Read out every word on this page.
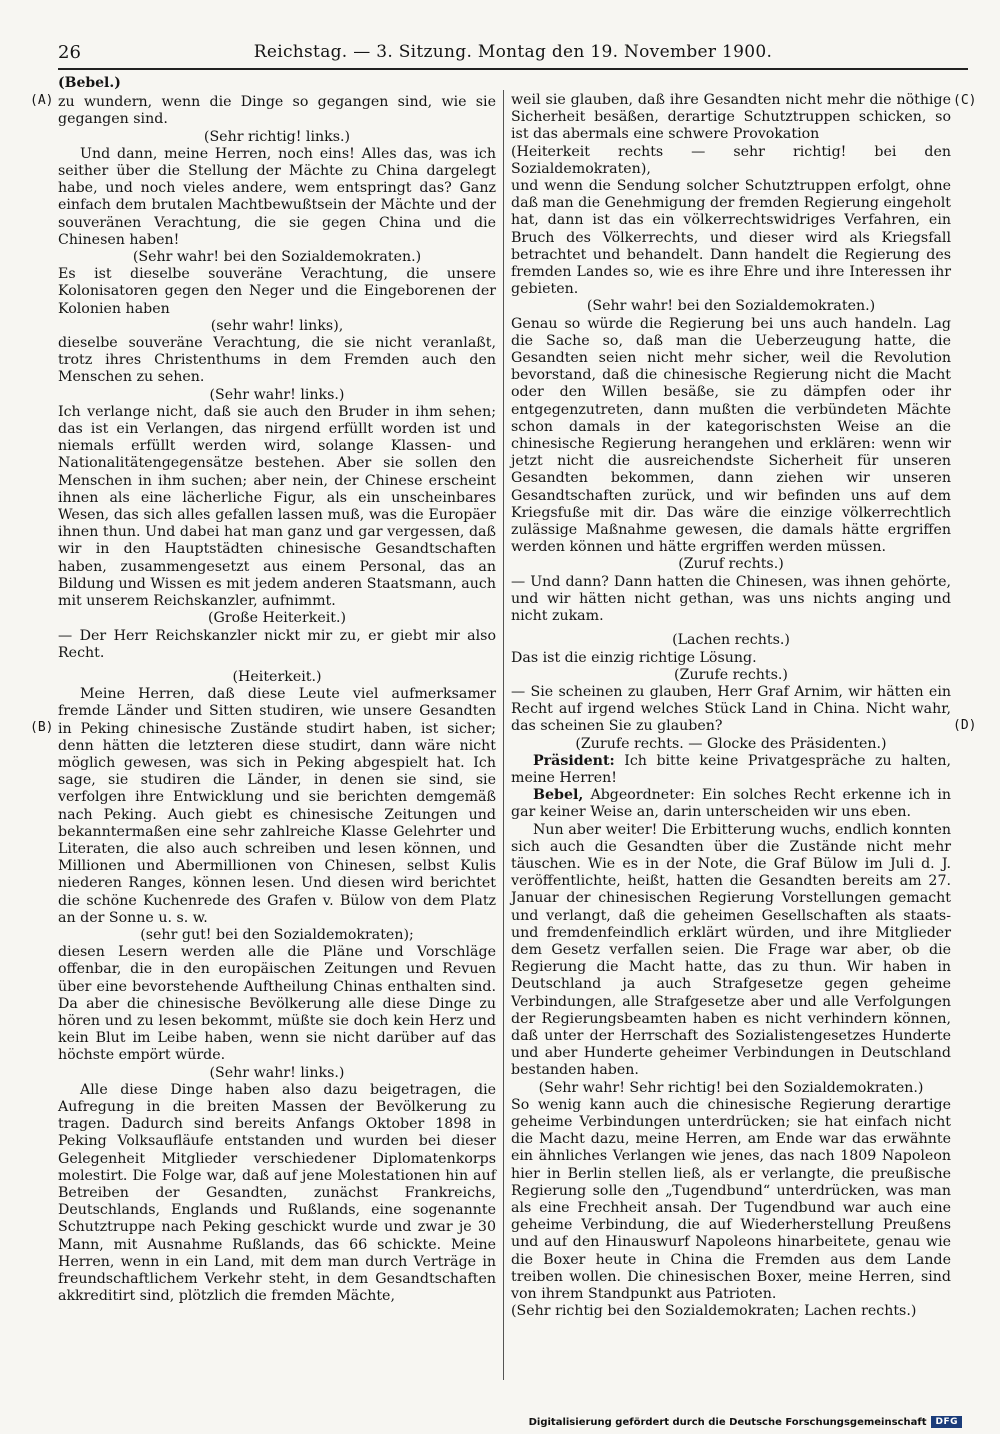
26	Reichstag. — 3. Sitzung. Montag den 19. November 1900.
(A)
(B)
(C)
(D)
(Bebel.)

zu wundern, wenn die Dinge so gegangen sind, wie sie gegangen sind.

(Sehr richtig! links.)

Und dann, meine Herren, noch eins! Alles das, was ich seither über die Stellung der Mächte zu China dargelegt habe, und noch vieles andere, wem entspringt das? Ganz einfach dem brutalen Machtbewußtsein der Mächte und der souveränen Verachtung, die sie gegen China und die Chinesen haben!

(Sehr wahr! bei den Sozialdemokraten.)

Es ist dieselbe souveräne Verachtung, die unsere Kolonisatoren gegen den Neger und die Eingeborenen der Kolonien haben

(sehr wahr! links),

dieselbe souveräne Verachtung, die sie nicht veranlaßt, trotz ihres Christenthums in dem Fremden auch den Menschen zu sehen.

(Sehr wahr! links.)

Ich verlange nicht, daß sie auch den Bruder in ihm sehen; das ist ein Verlangen, das nirgend erfüllt worden ist und niemals erfüllt werden wird, solange Klassen- und Nationalitätengegensätze bestehen. Aber sie sollen den Menschen in ihm suchen; aber nein, der Chinese erscheint ihnen als eine lächerliche Figur, als ein unscheinbares Wesen, das sich alles gefallen lassen muß, was die Europäer ihnen thun. Und dabei hat man ganz und gar vergessen, daß wir in den Hauptstädten chinesische Gesandtschaften haben, zusammengesetzt aus einem Personal, das an Bildung und Wissen es mit jedem anderen Staatsmann, auch mit unserem Reichskanzler, aufnimmt.

(Große Heiterkeit.)

— Der Herr Reichskanzler nickt mir zu, er giebt mir also Recht.

(Heiterkeit.)

Meine Herren, daß diese Leute viel aufmerksamer fremde Länder und Sitten studiren, wie unsere Gesandten in Peking chinesische Zustände studirt haben, ist sicher; denn hätten die letzteren diese studirt, dann wäre nicht möglich gewesen, was sich in Peking abgespielt hat. Ich sage, sie studiren die Länder, in denen sie sind, sie verfolgen ihre Entwicklung und sie berichten demgemäß nach Peking. Auch giebt es chinesische Zeitungen und bekanntermaßen eine sehr zahlreiche Klasse Gelehrter und Literaten, die also auch schreiben und lesen können, und Millionen und Abermillionen von Chinesen, selbst Kulis niederen Ranges, können lesen. Und diesen wird berichtet die schöne Kuchenrede des Grafen v. Bülow von dem Platz an der Sonne u. s. w.

(sehr gut! bei den Sozialdemokraten);

diesen Lesern werden alle die Pläne und Vorschläge offenbar, die in den europäischen Zeitungen und Revuen über eine bevorstehende Auftheilung Chinas enthalten sind. Da aber die chinesische Bevölkerung alle diese Dinge zu hören und zu lesen bekommt, müßte sie doch kein Herz und kein Blut im Leibe haben, wenn sie nicht darüber auf das höchste empört würde.

(Sehr wahr! links.)

Alle diese Dinge haben also dazu beigetragen, die Aufregung in die breiten Massen der Bevölkerung zu tragen. Dadurch sind bereits Anfangs Oktober 1898 in Peking Volksaufläufe entstanden und wurden bei dieser Gelegenheit Mitglieder verschiedener Diplomatenkorps molestirt. Die Folge war, daß auf jene Molestationen hin auf Betreiben der Gesandten, zunächst Frankreichs, Deutschlands, Englands und Rußlands, eine sogenannte Schutztruppe nach Peking geschickt wurde und zwar je 30 Mann, mit Ausnahme Rußlands, das 66 schickte. Meine Herren, wenn in ein Land, mit dem man durch Verträge in freundschaftlichem Verkehr steht, in dem Gesandtschaften akkreditirt sind, plötzlich die fremden Mächte,

weil sie glauben, daß ihre Gesandten nicht mehr die nöthige Sicherheit besäßen, derartige Schutztruppen schicken, so ist das abermals eine schwere Provokation

(Heiterkeit rechts — sehr richtig! bei den Sozialdemokraten),

und wenn die Sendung solcher Schutztruppen erfolgt, ohne daß man die Genehmigung der fremden Regierung eingeholt hat, dann ist das ein völkerrechtswidriges Verfahren, ein Bruch des Völkerrechts, und dieser wird als Kriegsfall betrachtet und behandelt. Dann handelt die Regierung des fremden Landes so, wie es ihre Ehre und ihre Interessen ihr gebieten.

(Sehr wahr! bei den Sozialdemokraten.)

Genau so würde die Regierung bei uns auch handeln. Lag die Sache so, daß man die Ueberzeugung hatte, die Gesandten seien nicht mehr sicher, weil die Revolution bevorstand, daß die chinesische Regierung nicht die Macht oder den Willen besäße, sie zu dämpfen oder ihr entgegenzutreten, dann mußten die verbündeten Mächte schon damals in der kategorischsten Weise an die chinesische Regierung herangehen und erklären: wenn wir jetzt nicht die ausreichendste Sicherheit für unseren Gesandten bekommen, dann ziehen wir unseren Gesandtschaften zurück, und wir befinden uns auf dem Kriegsfuße mit dir. Das wäre die einzige völkerrechtlich zulässige Maßnahme gewesen, die damals hätte ergriffen werden können und hätte ergriffen werden müssen.

(Zuruf rechts.)

— Und dann? Dann hatten die Chinesen, was ihnen gehörte, und wir hätten nicht gethan, was uns nichts anging und nicht zukam.

(Lachen rechts.)

Das ist die einzig richtige Lösung.

(Zurufe rechts.)

— Sie scheinen zu glauben, Herr Graf Arnim, wir hätten ein Recht auf irgend welches Stück Land in China. Nicht wahr, das scheinen Sie zu glauben?

(Zurufe rechts. — Glocke des Präsidenten.)

Präsident: Ich bitte keine Privatgespräche zu halten, meine Herren!

Bebel, Abgeordneter: Ein solches Recht erkenne ich in gar keiner Weise an, darin unterscheiden wir uns eben.

Nun aber weiter! Die Erbitterung wuchs, endlich konnten sich auch die Gesandten über die Zustände nicht mehr täuschen. Wie es in der Note, die Graf Bülow im Juli d. J. veröffentlichte, heißt, hatten die Gesandten bereits am 27. Januar der chinesischen Regierung Vorstellungen gemacht und verlangt, daß die geheimen Gesellschaften als staats- und fremdenfeindlich erklärt würden, und ihre Mitglieder dem Gesetz verfallen seien. Die Frage war aber, ob die Regierung die Macht hatte, das zu thun. Wir haben in Deutschland ja auch Strafgesetze gegen geheime Verbindungen, alle Strafgesetze aber und alle Verfolgungen der Regierungsbeamten haben es nicht verhindern können, daß unter der Herrschaft des Sozialistengesetzes Hunderte und aber Hunderte geheimer Verbindungen in Deutschland bestanden haben.

(Sehr wahr! Sehr richtig! bei den Sozialdemokraten.)

So wenig kann auch die chinesische Regierung derartige geheime Verbindungen unterdrücken; sie hat einfach nicht die Macht dazu, meine Herren, am Ende war das erwähnte ein ähnliches Verlangen wie jenes, das nach 1809 Napoleon hier in Berlin stellen ließ, als er verlangte, die preußische Regierung solle den „Tugendbund“ unterdrücken, was man als eine Frechheit ansah. Der Tugendbund war auch eine geheime Verbindung, die auf Wiederherstellung Preußens und auf den Hinauswurf Napoleons hinarbeitete, genau wie die Boxer heute in China die Fremden aus dem Lande treiben wollen. Die chinesischen Boxer, meine Herren, sind von ihrem Standpunkt aus Patrioten.

(Sehr richtig bei den Sozialdemokraten; Lachen rechts.)

Digitalisierung gefördert durch die Deutsche Forschungsgemeinschaft	DFG
